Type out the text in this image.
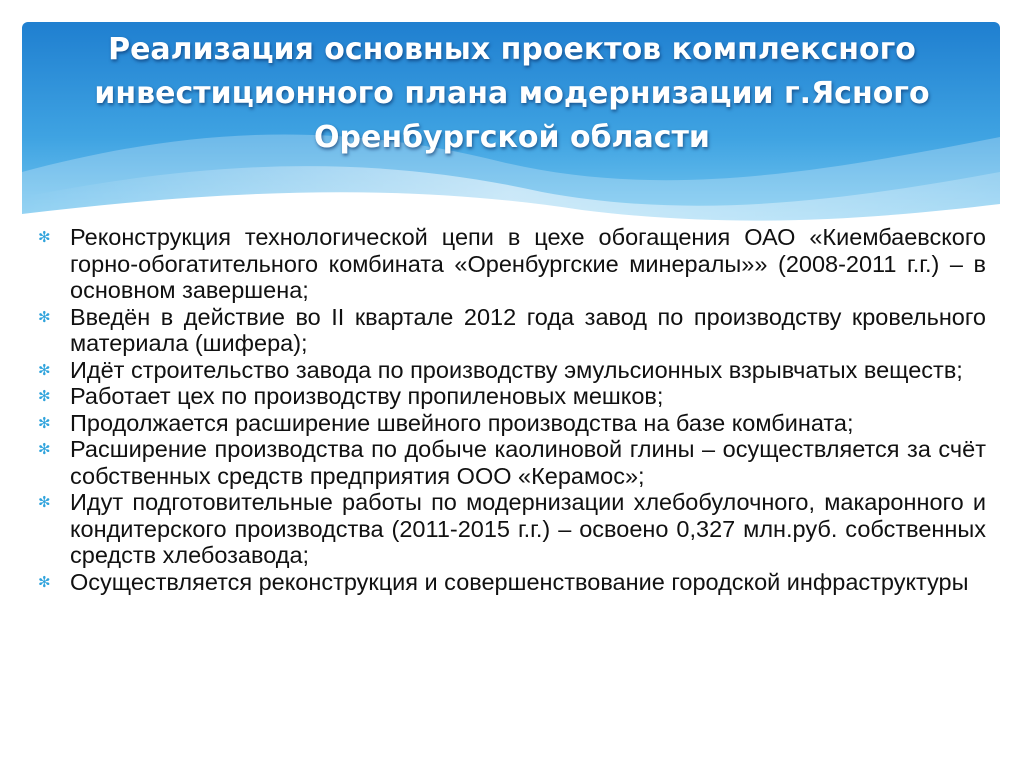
Реализация основных проектов комплексного инвестиционного плана модернизации г.Ясного Оренбургской области
✻ Реконструкция технологической цепи в цехе обогащения ОАО «Киембаевского горно-обогатительного комбината «Оренбургские минералы»» (2008-2011 г.г.) – в основном завершена;
✻ Введён в действие во II квартале 2012 года завод по производству кровельного материала (шифера);
✻ Идёт строительство завода по производству эмульсионных взрывчатых веществ;
✻ Работает цех по производству пропиленовых мешков;
✻ Продолжается расширение швейного производства на базе комбината;
✻ Расширение производства по добыче каолиновой глины – осуществляется за счёт собственных средств предприятия ООО «Керамос»;
✻ Идут подготовительные работы по модернизации хлебобулочного, макаронного и кондитерского производства (2011-2015 г.г.) – освоено 0,327 млн.руб. собственных средств хлебозавода;
✻ Осуществляется реконструкция и совершенствование городской инфраструктуры
